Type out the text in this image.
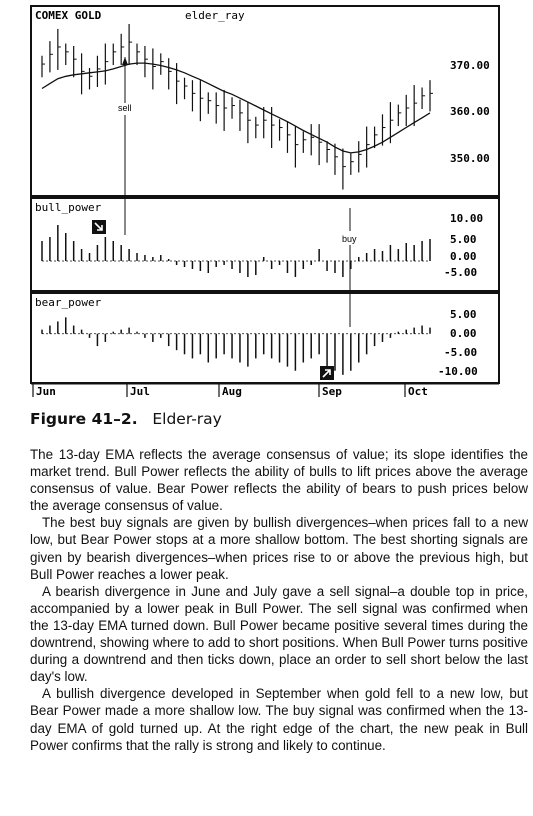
COMEX GOLD	elder_ray
bull_power
bear_power
370.00
360.00
350.00
10.00
5.00
0.00
-5.00
5.00
0.00
-5.00
-10.00
Jun	Jul	Aug	Sep	Oct
sell
buy
Figure 41–2. Elder-ray

The 13-day EMA reflects the average consensus of value; its slope identifies the market trend. Bull Power reflects the ability of bulls to lift prices above the average consensus of value. Bear Power reflects the ability of bears to push prices below the average consensus of value.

The best buy signals are given by bullish divergences–when prices fall to a new low, but Bear Power stops at a more shallow bottom. The best shorting signals are given by bearish divergences–when prices rise to or above the previous high, but Bull Power reaches a lower peak.

A bearish divergence in June and July gave a sell signal–a double top in price, accompanied by a lower peak in Bull Power. The sell signal was confirmed when the 13-day EMA turned down. Bull Power became positive several times during the downtrend, showing where to add to short positions. When Bull Power turns positive during a downtrend and then ticks down, place an order to sell short below the last day's low.

A bullish divergence developed in September when gold fell to a new low, but Bear Power made a more shallow low. The buy signal was confirmed when the 13-day EMA of gold turned up. At the right edge of the chart, the new peak in Bull Power confirms that the rally is strong and likely to continue.
